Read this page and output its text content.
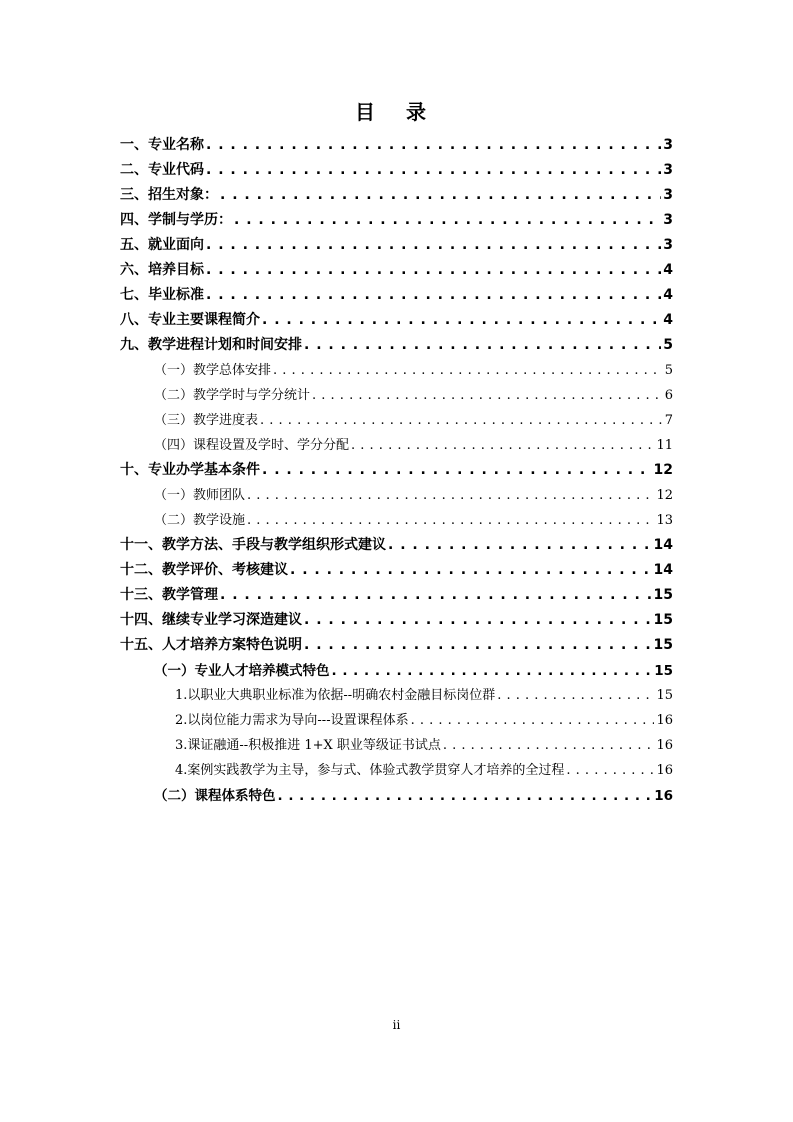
目 录
一、专业名称 . . .	3
二、专业代码 . . .	3
三、招生对象： . . .	3
四、学制与学历： . . .	3
五、就业面向 . . .	3
六、培养目标 . . .	4
七、毕业标准 . . .	4
八、专业主要课程简介 . . .	4
九、教学进程计划和时间安排 . . .	5
（一）教学总体安排 . . .	5
（二）教学学时与学分统计 . . .	6
（三）教学进度表 . . .	7
（四）课程设置及学时、学分分配 . . .	11
十、专业办学基本条件 . . .	12
（一）教师团队 . . .	12
（二）教学设施 . . .	13
十一、教学方法、手段与教学组织形式建议 . . .	14
十二、教学评价、考核建议 . . .	14
十三、教学管理 . . .	15
十四、继续专业学习深造建议 . . .	15
十五、人才培养方案特色说明 . . .	15
（一）专业人才培养模式特色 . . .	15
1.以职业大典职业标准为依据--明确农村金融目标岗位群 . . .	15
2.以岗位能力需求为导向---设置课程体系 . . .	16
3.课证融通--积极推进 1+X 职业等级证书试点 . . .	16
4.案例实践教学为主导，参与式、体验式教学贯穿人才培养的全过程 . . .	16
（二）课程体系特色 . . .	16
ii
